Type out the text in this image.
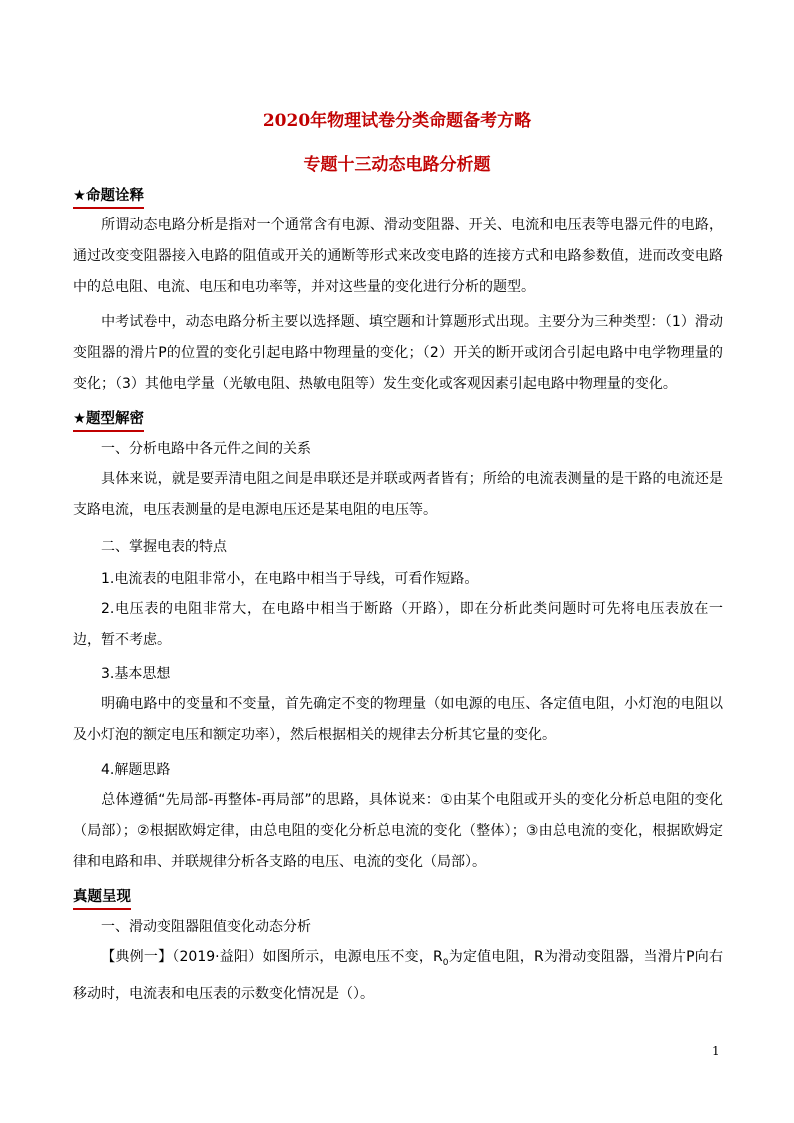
2020年物理试卷分类命题备考方略
专题十三动态电路分析题
★命题诠释

所谓动态电路分析是指对一个通常含有电源、滑动变阻器、开关、电流和电压表等电器元件的电路，通过改变变阻器接入电路的阻值或开关的通断等形式来改变电路的连接方式和电路参数值，进而改变电路中的总电阻、电流、电压和电功率等，并对这些量的变化进行分析的题型。

中考试卷中，动态电路分析主要以选择题、填空题和计算题形式出现。主要分为三种类型：（1）滑动变阻器的滑片P的位置的变化引起电路中物理量的变化；（2）开关的断开或闭合引起电路中电学物理量的变化；（3）其他电学量（光敏电阻、热敏电阻等）发生变化或客观因素引起电路中物理量的变化。

★题型解密
一、分析电路中各元件之间的关系

具体来说，就是要弄清电阻之间是串联还是并联或两者皆有；所给的电流表测量的是干路的电流还是支路电流，电压表测量的是电源电压还是某电阻的电压等。

二、掌握电表的特点
1.电流表的电阻非常小，在电路中相当于导线，可看作短路。

2.电压表的电阻非常大，在电路中相当于断路（开路），即在分析此类问题时可先将电压表放在一边，暂不考虑。

3.基本思想

明确电路中的变量和不变量，首先确定不变的物理量（如电源的电压、各定值电阻，小灯泡的电阻以及小灯泡的额定电压和额定功率），然后根据相关的规律去分析其它量的变化。

4.解题思路

总体遵循“先局部-再整体-再局部”的思路，具体说来：①由某个电阻或开头的变化分析总电阻的变化（局部）；②根据欧姆定律，由总电阻的变化分析总电流的变化（整体）；③由总电流的变化，根据欧姆定律和电路和串、并联规律分析各支路的电压、电流的变化（局部）。

真题呈现
一、滑动变阻器阻值变化动态分析

【典例一】（2019·益阳）如图所示，电源电压不变，$R_0$为定值电阻，R为滑动变阻器，当滑片P向右移动时，电流表和电压表的示数变化情况是（）。

1
